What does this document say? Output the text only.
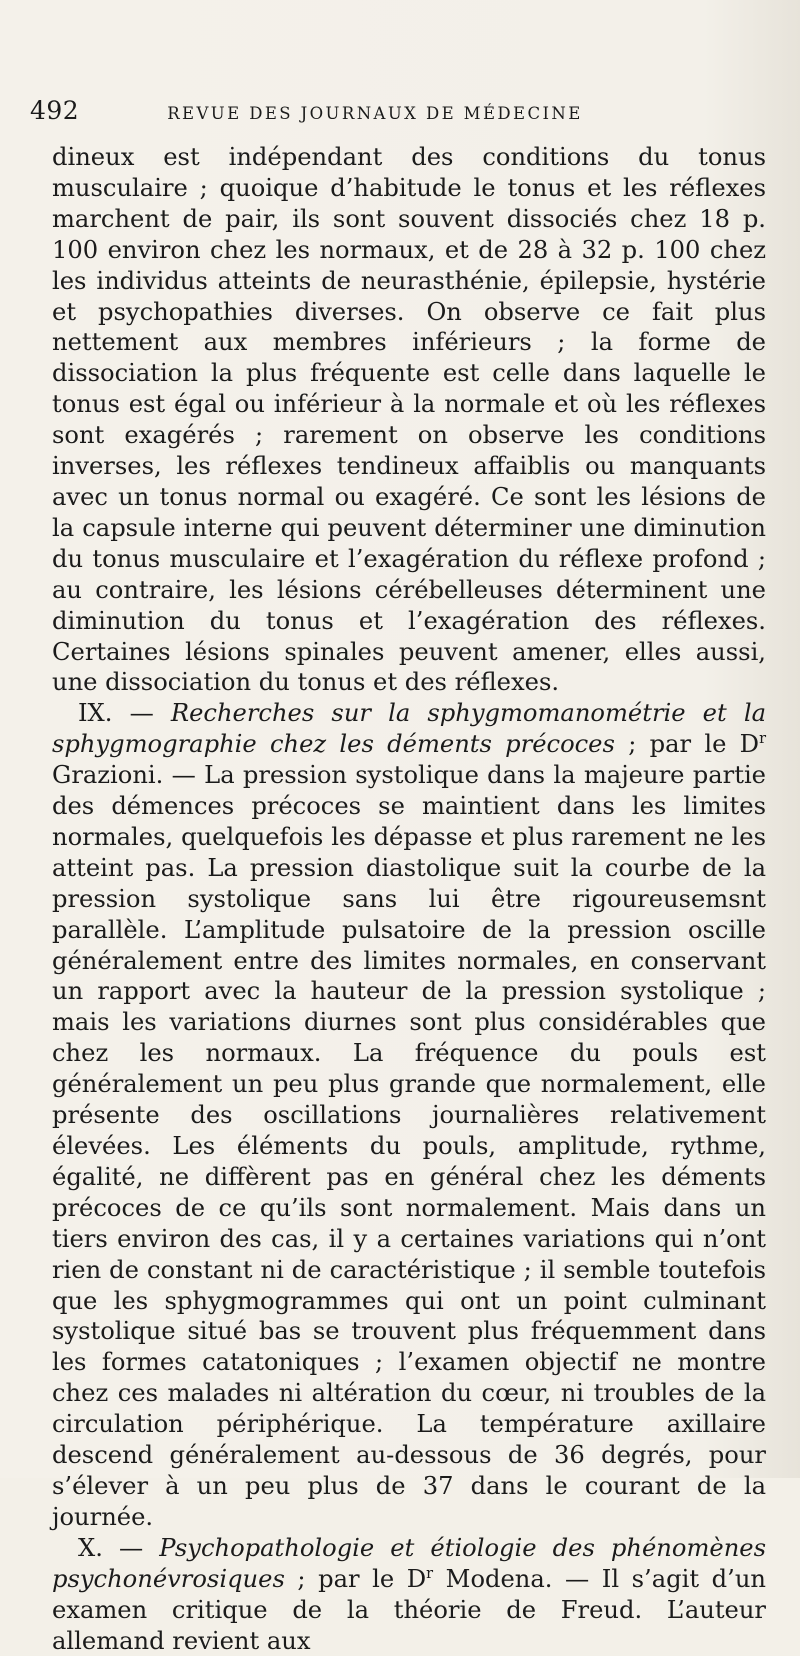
492	REVUE DES JOURNAUX DE MÉDECINE

dineux est indépendant des conditions du tonus musculaire ; quoique d’habitude le tonus et les réflexes marchent de pair, ils sont souvent dissociés chez 18 p. 100 environ chez les normaux, et de 28 à 32 p. 100 chez les individus atteints de neurasthénie, épilepsie, hystérie et psychopathies diverses. On observe ce fait plus nettement aux membres inférieurs ; la forme de dissociation la plus fréquente est celle dans laquelle le tonus est égal ou inférieur à la normale et où les réflexes sont exagérés ; rarement on observe les conditions inverses, les réflexes tendineux affaiblis ou manquants avec un tonus normal ou exagéré. Ce sont les lésions de la capsule interne qui peuvent déterminer une diminution du tonus musculaire et l’exagération du réflexe profond ; au contraire, les lésions cérébelleuses déterminent une diminution du tonus et l’exagération des réflexes. Certaines lésions spinales peuvent amener, elles aussi, une dissociation du tonus et des réflexes.

IX. — Recherches sur la sphygmomanométrie et la sphygmographie chez les déments précoces ; par le $D^r$ Grazioni. — La pression systolique dans la majeure partie des démences précoces se maintient dans les limites normales, quelquefois les dépasse et plus rarement ne les atteint pas. La pression diastolique suit la courbe de la pression systolique sans lui être rigoureusemsnt parallèle. L’amplitude pulsatoire de la pression oscille généralement entre des limites normales, en conservant un rapport avec la hauteur de la pression systolique ; mais les variations diurnes sont plus considérables que chez les normaux. La fréquence du pouls est généralement un peu plus grande que normalement, elle présente des oscillations journalières relativement élevées. Les éléments du pouls, amplitude, rythme, égalité, ne diffèrent pas en général chez les déments précoces de ce qu’ils sont normalement. Mais dans un tiers environ des cas, il y a certaines variations qui n’ont rien de constant ni de caractéristique ; il semble toutefois que les sphygmogrammes qui ont un point culminant systolique situé bas se trouvent plus fréquemment dans les formes catatoniques ; l’examen objectif ne montre chez ces malades ni altération du cœur, ni troubles de la circulation périphérique. La température axillaire descend généralement au-dessous de 36 degrés, pour s’élever à un peu plus de 37 dans le courant de la journée.

X. — Psychopathologie et étiologie des phénomènes psychonévrosiques ; par le $D^r$ Modena. — Il s’agit d’un examen critique de la théorie de Freud. L’auteur allemand revient aux
